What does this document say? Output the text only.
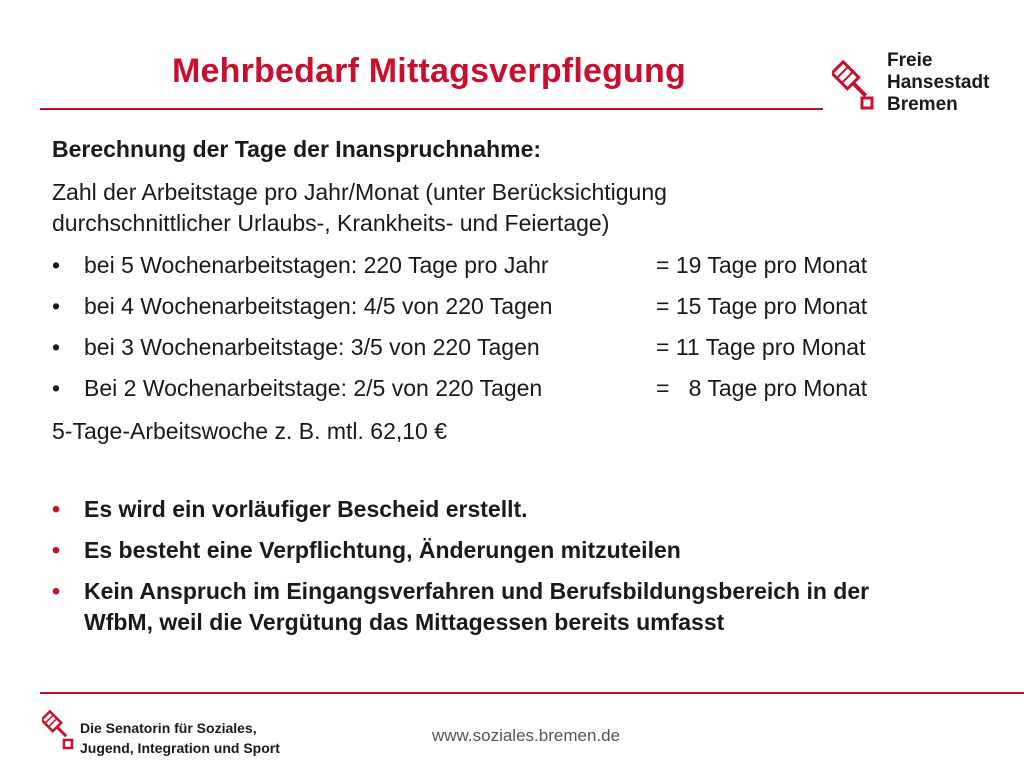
Mehrbedarf Mittagsverpflegung	Freie
Hansestadt
Bremen
Berechnung der Tage der Inanspruchnahme:
Zahl der Arbeitstage pro Jahr/Monat (unter Berücksichtigung durchschnittlicher Urlaubs-, Krankheits- und Feiertage)
• bei 5 Wochenarbeitstagen: 220 Tage pro Jahr	= 19 Tage pro Monat
• bei 4 Wochenarbeitstagen: 4/5 von 220 Tagen	= 15 Tage pro Monat
• bei 3 Wochenarbeitstage: 3/5 von 220 Tagen	= 11 Tage pro Monat
• Bei 2 Wochenarbeitstage: 2/5 von 220 Tagen	=   8 Tage pro Monat
5-Tage-Arbeitswoche z. B. mtl. 62,10 €
• Es wird ein vorläufiger Bescheid erstellt.
• Es besteht eine Verpflichtung, Änderungen mitzuteilen
• Kein Anspruch im Eingangsverfahren und Berufsbildungsbereich in der WfbM, weil die Vergütung das Mittagessen bereits umfasst
Die Senatorin für Soziales,
Jugend, Integration und Sport
www.soziales.bremen.de
